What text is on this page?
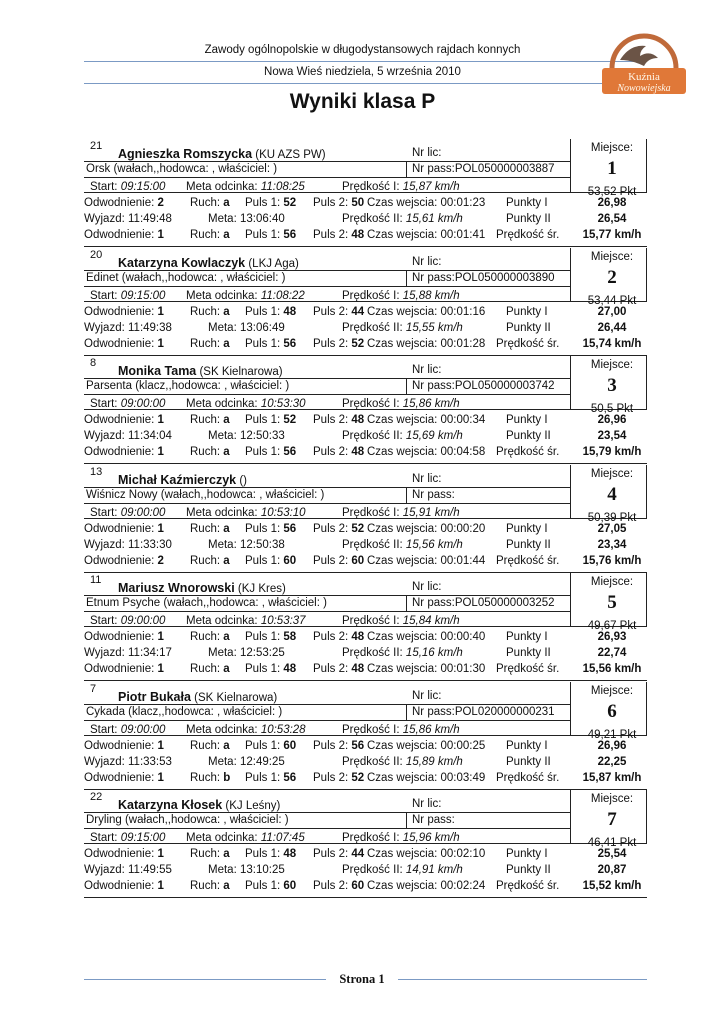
Zawody ogólnopolskie w długodystansowych rajdach konnych
Nowa Wieś niedziela, 5 września 2010
Wyniki klasa P
Kuźnia
Nowowiejska
21
Agnieszka Romszycka (KU AZS PW)	Nr lic:
Orsk (wałach,,hodowca: , właściciel: )	Nr pass:POL050000003887
Miejsce:
1
53,52 Pkt
Start: 09:15:00 Meta odcinka: 11:08:25	Prędkość I: 15,87 km/h
Odwodnienie: 2 Ruch: a Puls 1: 52 Puls 2: 50 Czas wejscia: 00:01:23 Punkty I	26,98
Wyjazd: 11:49:48	Meta: 13:06:40	Prędkość II: 15,61 km/h	Punkty II	26,54
Odwodnienie: 1 Ruch: a Puls 1: 56 Puls 2: 48 Czas wejscia: 00:01:41 Prędkość śr.	15,77 km/h
20
Katarzyna Kowlaczyk (LKJ Aga)	Nr lic:
Edinet (wałach,,hodowca: , właściciel: )	Nr pass:POL050000003890
Miejsce:
2
53,44 Pkt
Start: 09:15:00 Meta odcinka: 11:08:22	Prędkość I: 15,88 km/h
Odwodnienie: 1 Ruch: a Puls 1: 48 Puls 2: 44 Czas wejscia: 00:01:16 Punkty I	27,00
Wyjazd: 11:49:38	Meta: 13:06:49	Prędkość II: 15,55 km/h	Punkty II	26,44
Odwodnienie: 1 Ruch: a Puls 1: 56 Puls 2: 52 Czas wejscia: 00:01:28 Prędkość śr.	15,74 km/h
8
Monika Tama (SK Kielnarowa)	Nr lic:
Parsenta (klacz,,hodowca: , właściciel: )	Nr pass:POL050000003742
Miejsce:
3
50,5 Pkt
Start: 09:00:00 Meta odcinka: 10:53:30	Prędkość I: 15,86 km/h
Odwodnienie: 1 Ruch: a Puls 1: 52 Puls 2: 48 Czas wejscia: 00:00:34 Punkty I	26,96
Wyjazd: 11:34:04	Meta: 12:50:33	Prędkość II: 15,69 km/h	Punkty II	23,54
Odwodnienie: 1 Ruch: a Puls 1: 56 Puls 2: 48 Czas wejscia: 00:04:58 Prędkość śr.	15,79 km/h
13
Michał Kaźmierczyk ()	Nr lic:
Wiśnicz Nowy (wałach,,hodowca: , właściciel: )	Nr pass:
Miejsce:
4
50,39 Pkt
Start: 09:00:00 Meta odcinka: 10:53:10	Prędkość I: 15,91 km/h
Odwodnienie: 1 Ruch: a Puls 1: 56 Puls 2: 52 Czas wejscia: 00:00:20 Punkty I	27,05
Wyjazd: 11:33:30	Meta: 12:50:38	Prędkość II: 15,56 km/h	Punkty II	23,34
Odwodnienie: 2 Ruch: a Puls 1: 60 Puls 2: 60 Czas wejscia: 00:01:44 Prędkość śr.	15,76 km/h
11
Mariusz Wnorowski (KJ Kres)	Nr lic:
Etnum Psyche (wałach,,hodowca: , właściciel: )	Nr pass:POL050000003252
Miejsce:
5
49,67 Pkt
Start: 09:00:00 Meta odcinka: 10:53:37	Prędkość I: 15,84 km/h
Odwodnienie: 1 Ruch: a Puls 1: 58 Puls 2: 48 Czas wejscia: 00:00:40 Punkty I	26,93
Wyjazd: 11:34:17	Meta: 12:53:25	Prędkość II: 15,16 km/h	Punkty II	22,74
Odwodnienie: 1 Ruch: a Puls 1: 48 Puls 2: 48 Czas wejscia: 00:01:30 Prędkość śr.	15,56 km/h
7
Piotr Bukała (SK Kielnarowa)	Nr lic:
Cykada (klacz,,hodowca: , właściciel: )	Nr pass:POL020000000231
Miejsce:
6
49,21 Pkt
Start: 09:00:00 Meta odcinka: 10:53:28	Prędkość I: 15,86 km/h
Odwodnienie: 1 Ruch: a Puls 1: 60 Puls 2: 56 Czas wejscia: 00:00:25 Punkty I	26,96
Wyjazd: 11:33:53	Meta: 12:49:25	Prędkość II: 15,89 km/h	Punkty II	22,25
Odwodnienie: 1 Ruch: b Puls 1: 56 Puls 2: 52 Czas wejscia: 00:03:49 Prędkość śr.	15,87 km/h
22
Katarzyna Kłosek (KJ Leśny)	Nr lic:
Dryling (wałach,,hodowca: , właściciel: )	Nr pass:
Miejsce:
7
46,41 Pkt
Start: 09:15:00 Meta odcinka: 11:07:45	Prędkość I: 15,96 km/h
Odwodnienie: 1 Ruch: a Puls 1: 48 Puls 2: 44 Czas wejscia: 00:02:10 Punkty I	25,54
Wyjazd: 11:49:55	Meta: 13:10:25	Prędkość II: 14,91 km/h	Punkty II	20,87
Odwodnienie: 1 Ruch: a Puls 1: 60 Puls 2: 60 Czas wejscia: 00:02:24 Prędkość śr.	15,52 km/h
Strona 1
